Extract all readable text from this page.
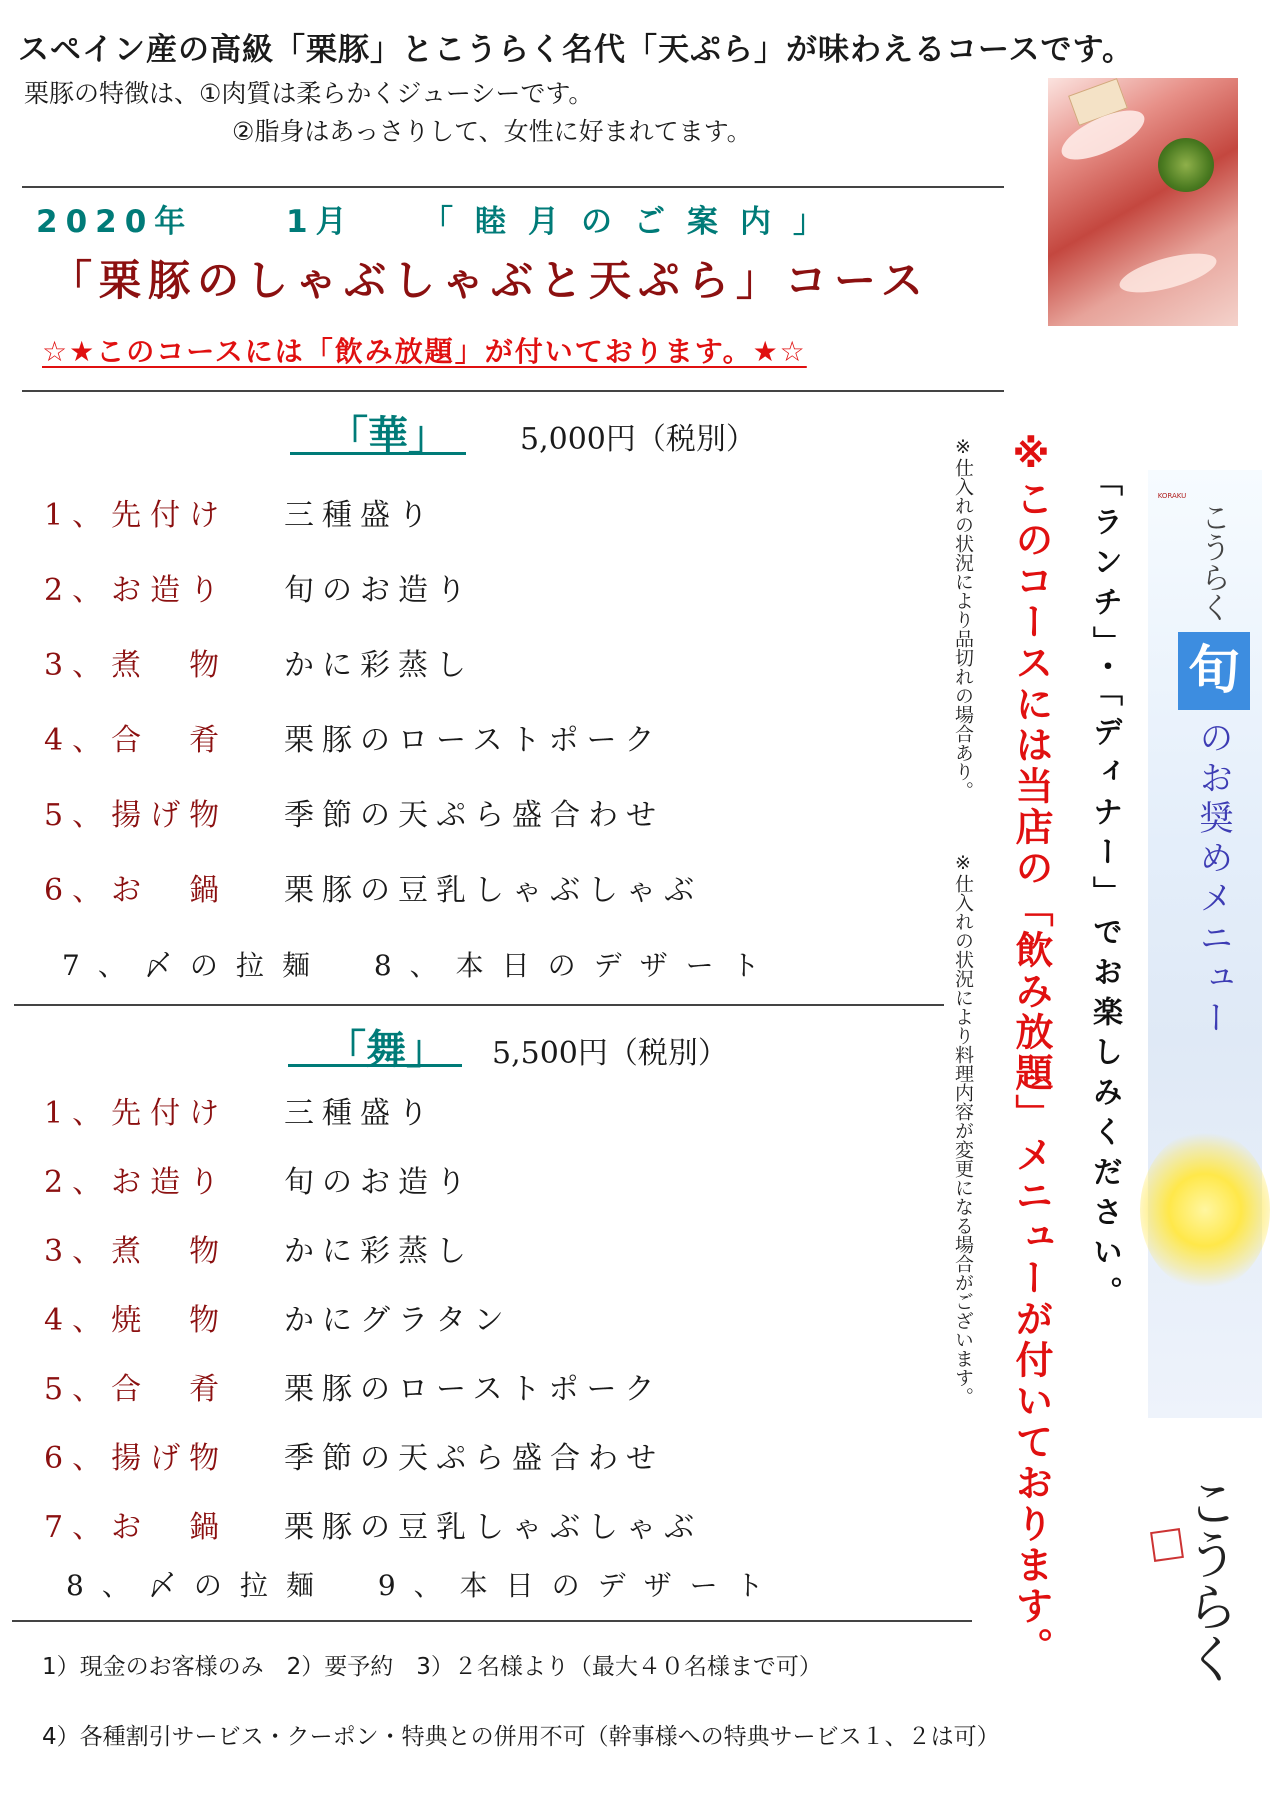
スペイン産の高級「栗豚」とこうらく名代「天ぷら」が味わえるコースです。
栗豚の特徴は、①肉質は柔らかくジューシーです。
②脂身はあっさりして、女性に好まれてます。
2020年	1月 「睦月のご案内」
「栗豚のしゃぶしゃぶと天ぷら」コース
☆★このコースには「飲み放題」が付いております。★☆
「華」 5,000円（税別）
1、先付け 三種盛り
2、お造り 旬のお造り
3、煮　物 かに彩蒸し
4、合　肴 栗豚のローストポーク
5、揚げ物 季節の天ぷら盛合わせ
6、お　鍋 栗豚の豆乳しゃぶしゃぶ
7、〆の拉麺　8、本日のデザート
「舞」 5,500円（税別）
1、先付け 三種盛り
2、お造り 旬のお造り
3、煮　物 かに彩蒸し
4、焼　物 かにグラタン
5、合　肴 栗豚のローストポーク
6、揚げ物 季節の天ぷら盛合わせ
7、お　鍋 栗豚の豆乳しゃぶしゃぶ
8、〆の拉麺　9、本日のデザート
※仕入れの状況により品切れの場合あり。
※仕入れの状況により料理内容が変更になる場合がございます。 ※このコースには当店の「飲み放題」メニューが付いております。 「ランチ」・「ディナー」でお楽しみください。	KORAKU
こうらく
旬
のお奨めメニュー
こうらく
1）現金のお客様のみ　2）要予約　3）２名様より（最大４０名様まで可）
4）各種割引サービス・クーポン・特典との併用不可（幹事様への特典サービス１、２は可）
